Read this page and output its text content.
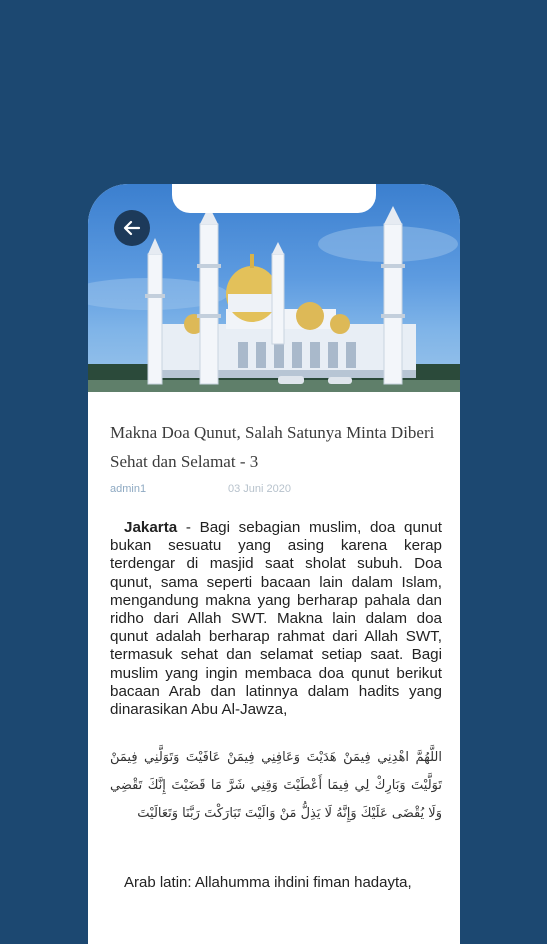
Makna Doa Qunut, Salah Satunya Minta Diberi Sehat dan Selamat - 3
admin1	03 Juni 2020

Jakarta - Bagi sebagian muslim, doa qunut bukan sesuatu yang asing karena kerap terdengar di masjid saat sholat subuh. Doa qunut, sama seperti bacaan lain dalam Islam, mengandung makna yang berharap pahala dan ridho dari Allah SWT. Makna lain dalam doa qunut adalah berharap rahmat dari Allah SWT, termasuk sehat dan selamat setiap saat. Bagi muslim yang ingin membaca doa qunut berikut bacaan Arab dan latinnya dalam hadits yang dinarasikan Abu Al-Jawza,

اللَّهُمَّ اهْدِنِي فِيمَنْ هَدَيْتَ وَعَافِنِي فِيمَنْ عَافَيْتَ وَتَوَلَّنِي فِيمَنْ تَوَلَّيْتَ وَبَارِكْ لِي فِيمَا أَعْطَيْتَ وَقِنِي شَرَّ مَا قَضَيْتَ إِنَّكَ تَقْضِي وَلَا يُقْضَى عَلَيْكَ وَإِنَّهُ لَا يَذِلُّ مَنْ وَالَيْتَ تَبَارَكْتَ رَبَّنَا وَتَعَالَيْتَ

Arab latin: Allahumma ihdini fiman hadayta,
